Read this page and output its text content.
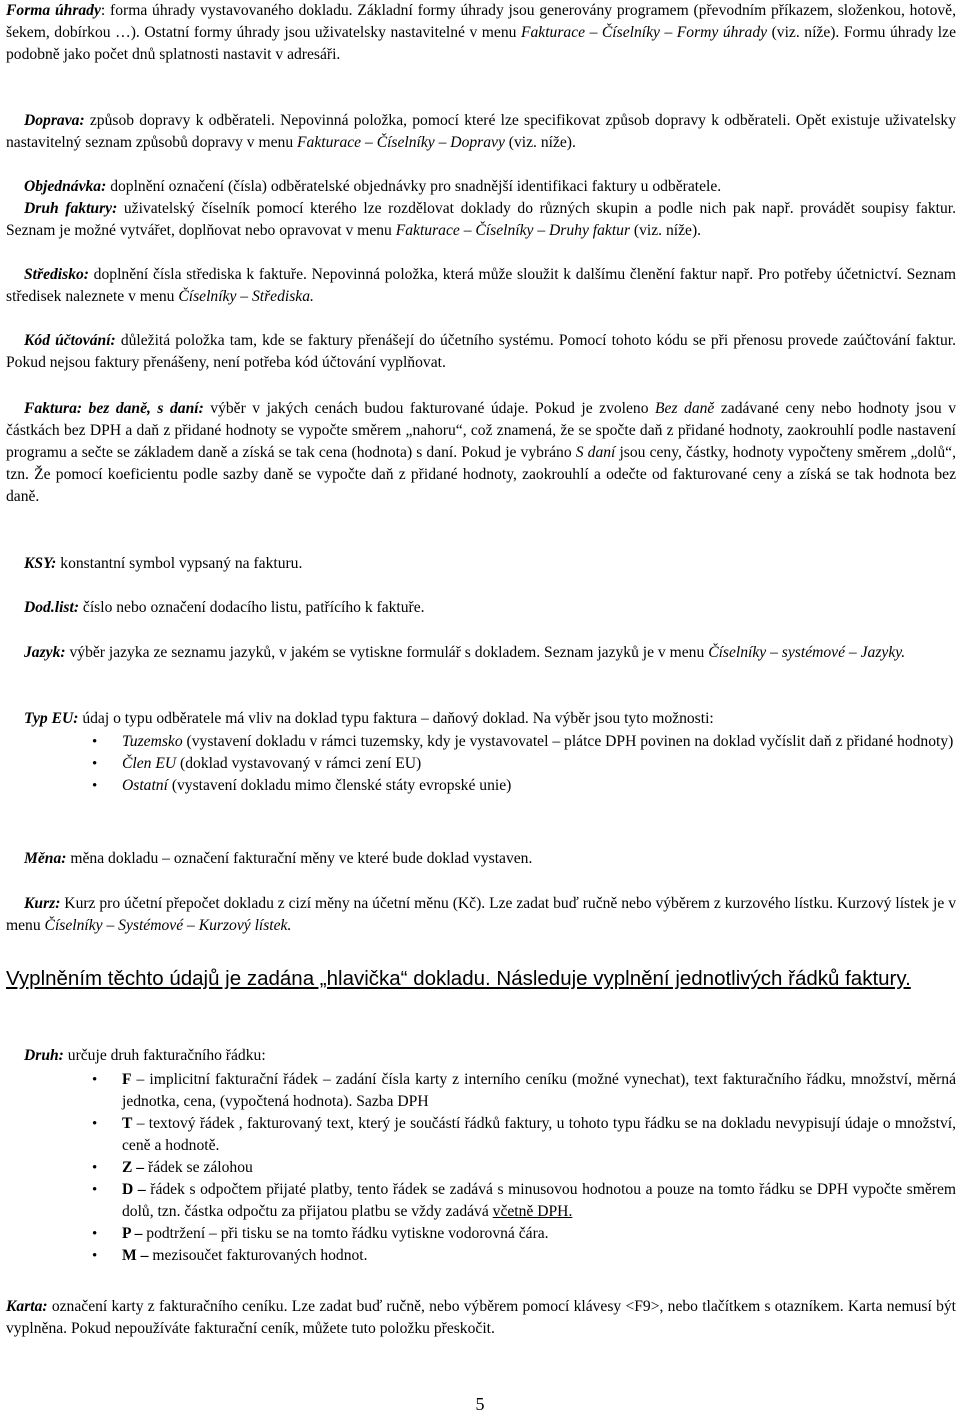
Forma úhrady: forma úhrady vystavovaného dokladu. Základní formy úhrady jsou generovány programem (převodním příkazem, složenkou, hotově, šekem, dobírkou …). Ostatní formy úhrady jsou uživatelsky nastavitelné v menu Fakturace – Číselníky – Formy úhrady (viz. níže). Formu úhrady lze podobně jako počet dnů splatnosti nastavit v adresáři.

Doprava: způsob dopravy k odběrateli. Nepovinná položka, pomocí které lze specifikovat způsob dopravy k odběrateli. Opět existuje uživatelsky nastavitelný seznam způsobů dopravy v menu Fakturace – Číselníky – Dopravy (viz. níže).

Objednávka: doplnění označení (čísla) odběratelské objednávky pro snadnější identifikaci faktury u odběratele.

Druh faktury: uživatelský číselník pomocí kterého lze rozdělovat doklady do různých skupin a podle nich pak např. provádět soupisy faktur. Seznam je možné vytvářet, doplňovat nebo opravovat v menu Fakturace – Číselníky – Druhy faktur (viz. níže).

Středisko: doplnění čísla střediska k faktuře. Nepovinná položka, která může sloužit k dalšímu členění faktur např. Pro potřeby účetnictví. Seznam středisek naleznete v menu Číselníky – Střediska.

Kód účtování: důležitá položka tam, kde se faktury přenášejí do účetního systému. Pomocí tohoto kódu se při přenosu provede zaúčtování faktur. Pokud nejsou faktury přenášeny, není potřeba kód účtování vyplňovat.

Faktura: bez daně, s daní: výběr v jakých cenách budou fakturované údaje. Pokud je zvoleno Bez daně zadávané ceny nebo hodnoty jsou v částkách bez DPH a daň z přidané hodnoty se vypočte směrem „nahoru“, což znamená, že se spočte daň z přidané hodnoty, zaokrouhlí podle nastavení programu a sečte se základem daně a získá se tak cena (hodnota) s daní. Pokud je vybráno S daní jsou ceny, částky, hodnoty vypočteny směrem „dolů“, tzn. Že pomocí koeficientu podle sazby daně se vypočte daň z přidané hodnoty, zaokrouhlí a odečte od fakturované ceny a získá se tak hodnota bez daně.

KSY: konstantní symbol vypsaný na fakturu.

Dod.list: číslo nebo označení dodacího listu, patřícího k faktuře.

Jazyk: výběr jazyka ze seznamu jazyků, v jakém se vytiskne formulář s dokladem. Seznam jazyků je v menu Číselníky – systémové – Jazyky.

Typ EU: údaj o typu odběratele má vliv na doklad typu faktura – daňový doklad. Na výběr jsou tyto možnosti:

• Tuzemsko (vystavení dokladu v rámci tuzemsky, kdy je vystavovatel – plátce DPH povinen na doklad vyčíslit daň z přidané hodnoty)
• Člen EU (doklad vystavovaný v rámci zení EU)
• Ostatní (vystavení dokladu mimo členské státy evropské unie)

Měna: měna dokladu – označení fakturační měny ve které bude doklad vystaven.

Kurz: Kurz pro účetní přepočet dokladu z cizí měny na účetní měnu (Kč). Lze zadat buď ručně nebo výběrem z kurzového lístku. Kurzový lístek je v menu Číselníky – Systémové – Kurzový lístek.

Vyplněním těchto údajů je zadána „hlavička“ dokladu. Následuje vyplnění jednotlivých řádků faktury.

Druh: určuje druh fakturačního řádku:

• F – implicitní fakturační řádek – zadání čísla karty z interního ceníku (možné vynechat), text fakturačního řádku, množství, měrná jednotka, cena, (vypočtená hodnota). Sazba DPH
• T – textový řádek , fakturovaný text, který je součástí řádků faktury, u tohoto typu řádku se na dokladu nevypisují údaje o množství, ceně a hodnotě.
• Z – řádek se zálohou
• D – řádek s odpočtem přijaté platby, tento řádek se zadává s minusovou hodnotou a pouze na tomto řádku se DPH vypočte směrem dolů, tzn. částka odpočtu za přijatou platbu se vždy zadává včetně DPH.
• P – podtržení – při tisku se na tomto řádku vytiskne vodorovná čára.
• M – mezisoučet fakturovaných hodnot.

Karta: označení karty z fakturačního ceníku. Lze zadat buď ručně, nebo výběrem pomocí klávesy <F9>, nebo tlačítkem s otazníkem. Karta nemusí být vyplněna. Pokud nepoužíváte fakturační ceník, můžete tuto položku přeskočit.

5
